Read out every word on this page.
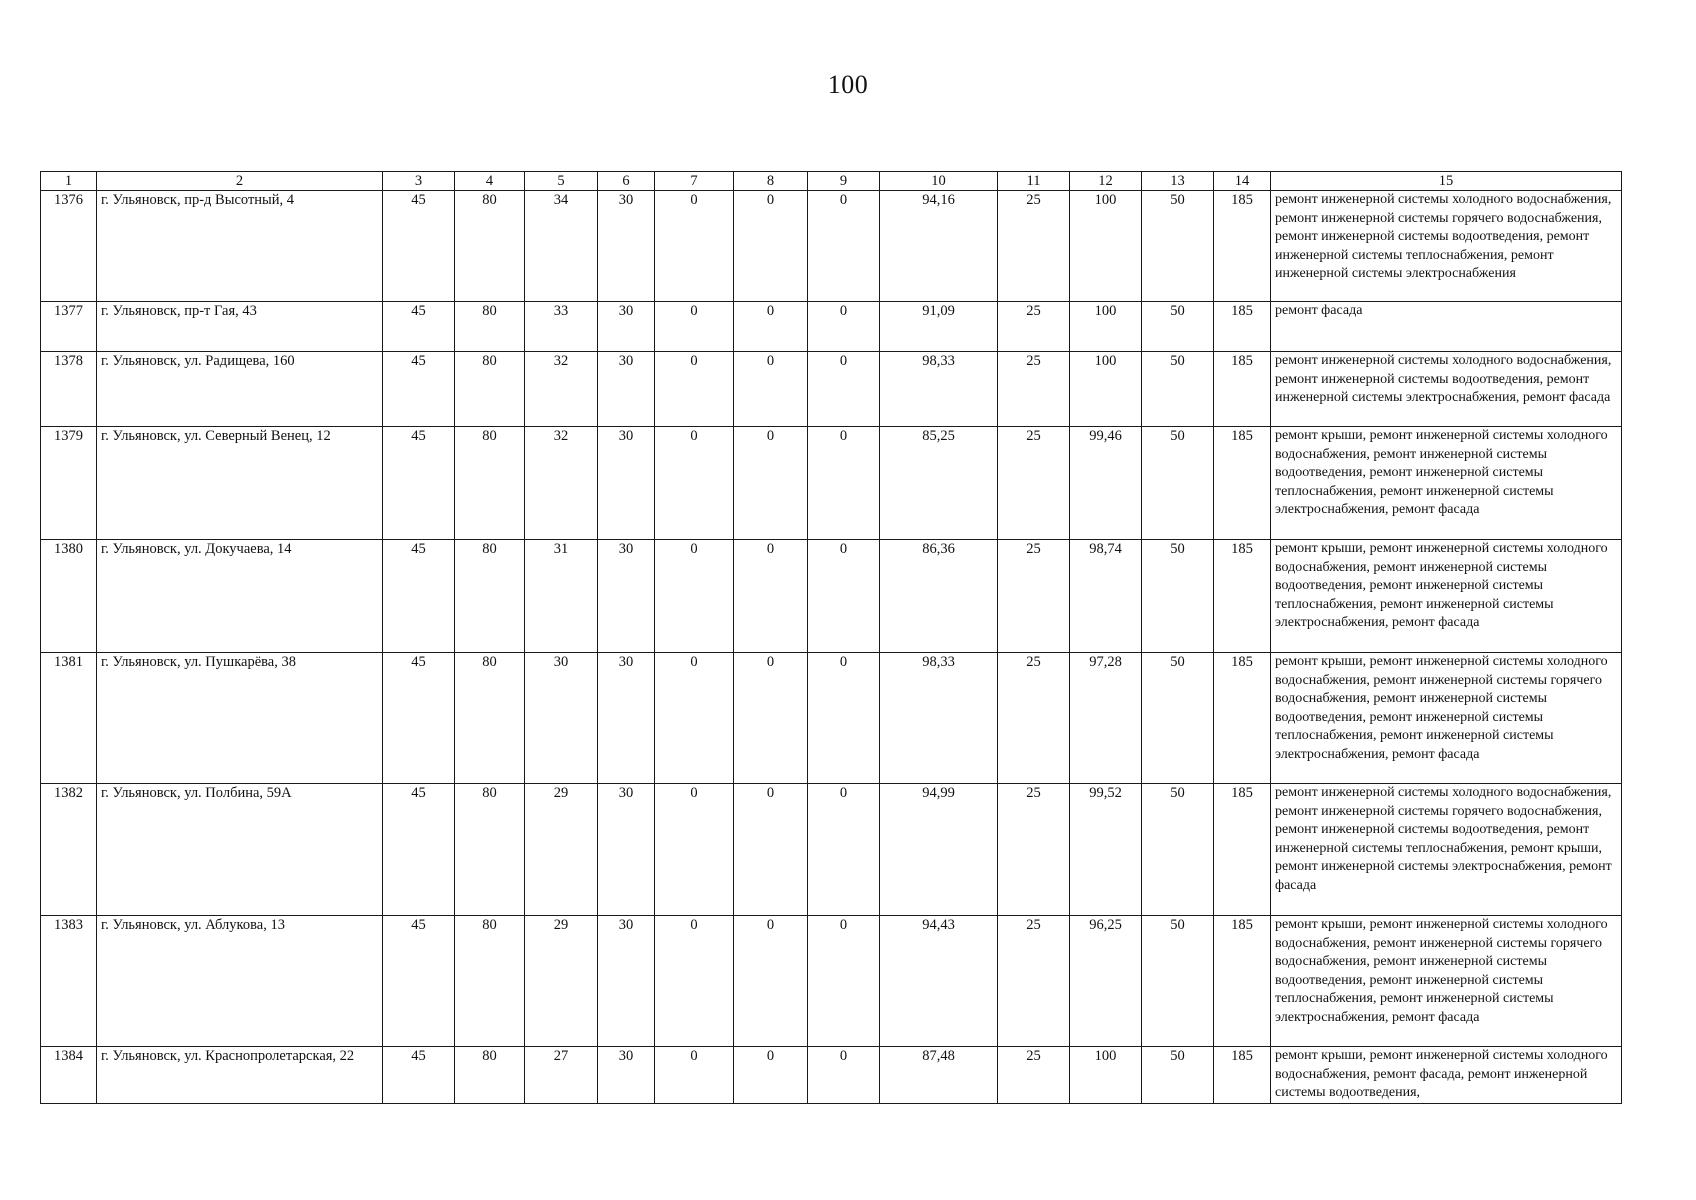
100
1	2	3	4	5	6	7	8	9	10	11	12	13	14	15
1376	г. Ульяновск, пр-д Высотный, 4	45	80	34	30	0	0	0	94,16	25	100	50	185	ремонт инженерной системы холодного водоснабжения, ремонт инженерной системы горячего водоснабжения, ремонт инженерной системы водоотведения, ремонт инженерной системы теплоснабжения, ремонт инженерной системы электроснабжения
1377	г. Ульяновск, пр-т Гая, 43	45	80	33	30	0	0	0	91,09	25	100	50	185	ремонт фасада
1378	г. Ульяновск, ул. Радищева, 160	45	80	32	30	0	0	0	98,33	25	100	50	185	ремонт инженерной системы холодного водоснабжения, ремонт инженерной системы водоотведения, ремонт инженерной системы электроснабжения, ремонт фасада
1379	г. Ульяновск, ул. Северный Венец, 12	45	80	32	30	0	0	0	85,25	25	99,46	50	185	ремонт крыши, ремонт инженерной системы холодного водоснабжения, ремонт инженерной системы водоотведения, ремонт инженерной системы теплоснабжения, ремонт инженерной системы электроснабжения, ремонт фасада
1380	г. Ульяновск, ул. Докучаева, 14	45	80	31	30	0	0	0	86,36	25	98,74	50	185	ремонт крыши, ремонт инженерной системы холодного водоснабжения, ремонт инженерной системы водоотведения, ремонт инженерной системы теплоснабжения, ремонт инженерной системы электроснабжения, ремонт фасада
1381	г. Ульяновск, ул. Пушкарёва, 38	45	80	30	30	0	0	0	98,33	25	97,28	50	185	ремонт крыши, ремонт инженерной системы холодного водоснабжения, ремонт инженерной системы горячего водоснабжения, ремонт инженерной системы водоотведения, ремонт инженерной системы теплоснабжения, ремонт инженерной системы электроснабжения, ремонт фасада
1382	г. Ульяновск, ул. Полбина, 59А	45	80	29	30	0	0	0	94,99	25	99,52	50	185	ремонт инженерной системы холодного водоснабжения, ремонт инженерной системы горячего водоснабжения, ремонт инженерной системы водоотведения, ремонт инженерной системы теплоснабжения, ремонт крыши, ремонт инженерной системы электроснабжения, ремонт фасада
1383	г. Ульяновск, ул. Аблукова, 13	45	80	29	30	0	0	0	94,43	25	96,25	50	185	ремонт крыши, ремонт инженерной системы холодного водоснабжения, ремонт инженерной системы горячего водоснабжения, ремонт инженерной системы водоотведения, ремонт инженерной системы теплоснабжения, ремонт инженерной системы электроснабжения, ремонт фасада
1384	г. Ульяновск, ул. Краснопролетарская, 22	45	80	27	30	0	0	0	87,48	25	100	50	185	ремонт крыши, ремонт инженерной системы холодного водоснабжения, ремонт фасада, ремонт инженерной системы водоотведения,
